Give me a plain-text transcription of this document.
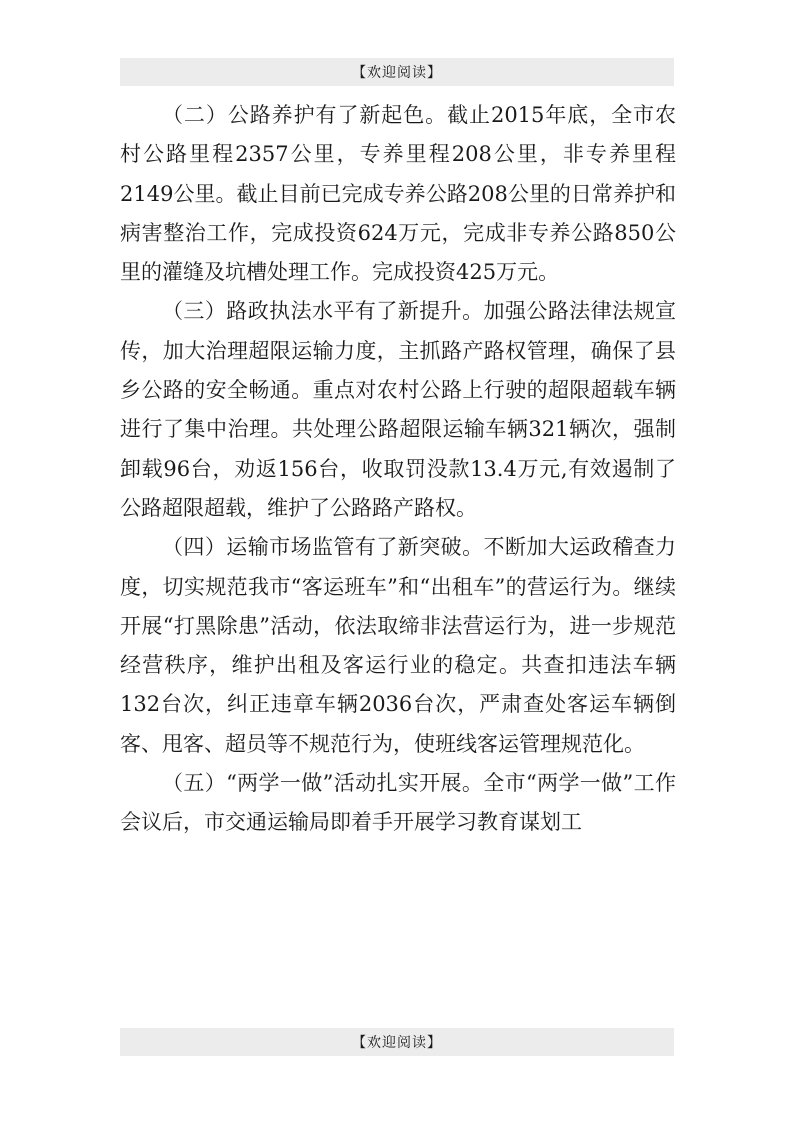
【欢迎阅读】

（二）公路养护有了新起色。截止2015年底，全市农村公路里程2357公里，专养里程208公里，非专养里程2149公里。截止目前已完成专养公路208公里的日常养护和病害整治工作，完成投资624万元，完成非专养公路850公里的灌缝及坑槽处理工作。完成投资425万元。

（三）路政执法水平有了新提升。加强公路法律法规宣传，加大治理超限运输力度，主抓路产路权管理，确保了县乡公路的安全畅通。重点对农村公路上行驶的超限超载车辆进行了集中治理。共处理公路超限运输车辆321辆次，强制卸载96台，劝返156台，收取罚没款13.4万元,有效遏制了公路超限超载，维护了公路路产路权。

（四）运输市场监管有了新突破。不断加大运政稽查力度，切实规范我市“客运班车”和“出租车”的营运行为。继续开展“打黑除患”活动，依法取缔非法营运行为，进一步规范经营秩序，维护出租及客运行业的稳定。共查扣违法车辆132台次，纠正违章车辆2036台次，严肃查处客运车辆倒客、甩客、超员等不规范行为，使班线客运管理规范化。

（五）“两学一做”活动扎实开展。全市“两学一做”工作会议后，市交通运输局即着手开展学习教育谋划工

【欢迎阅读】
